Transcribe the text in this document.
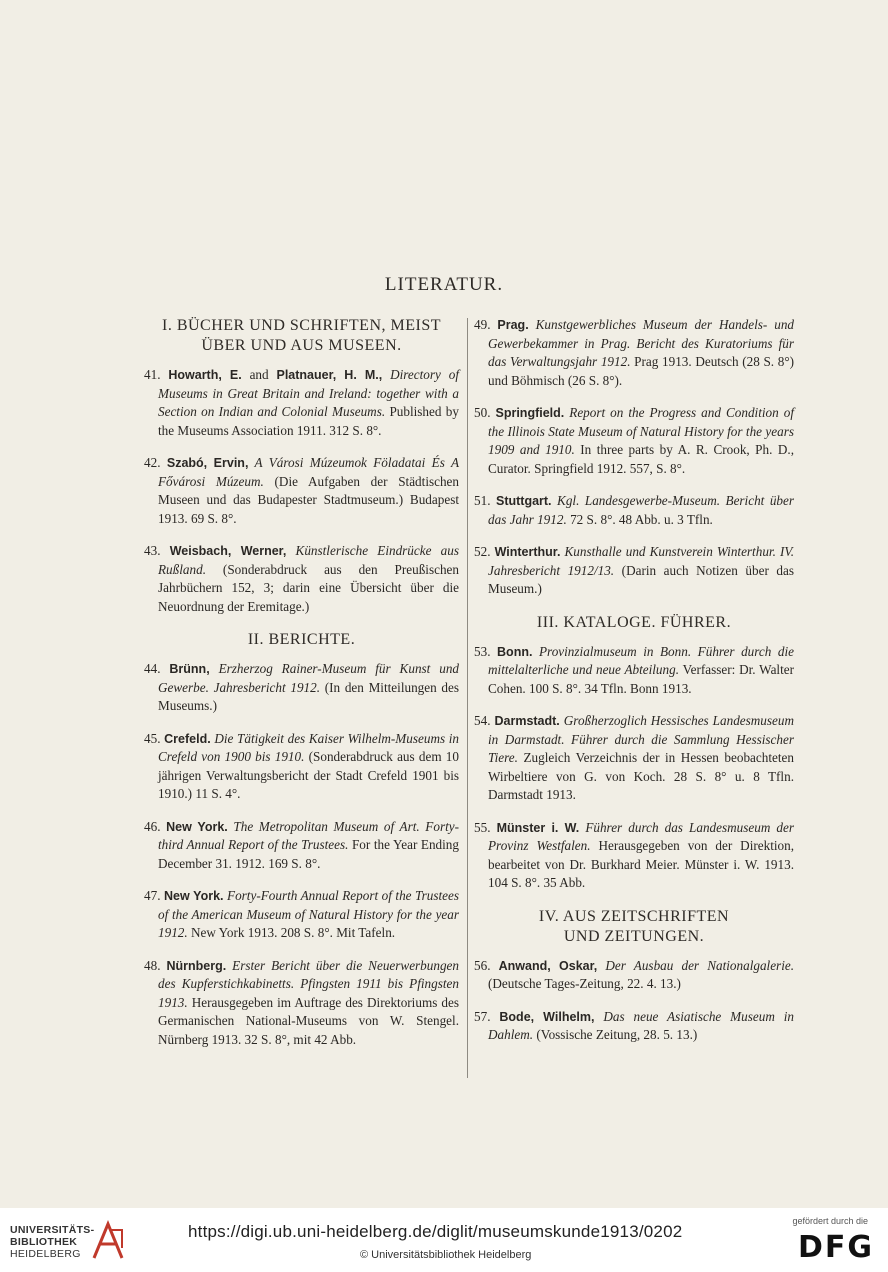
LITERATUR.
I. BÜCHER UND SCHRIFTEN, MEIST
ÜBER UND AUS MUSEEN.
41. Howarth, E. and Platnauer, H. M., Directory of Museums in Great Britain and Ireland: together with a Section on Indian and Colonial Museums. Published by the Museums Association 1911. 312 S. 8°.
42. Szabó, Ervin, A Városi Múzeumok Föladatai És A Fővárosi Múzeum. (Die Aufgaben der Städtischen Museen und das Budapester Stadtmuseum.) Budapest 1913. 69 S. 8°.
43. Weisbach, Werner, Künstlerische Eindrücke aus Rußland. (Sonderabdruck aus den Preußischen Jahrbüchern 152, 3; darin eine Übersicht über die Neuordnung der Eremitage.)
II. BERICHTE.
44. Brünn, Erzherzog Rainer-Museum für Kunst und Gewerbe. Jahresbericht 1912. (In den Mitteilungen des Museums.)
45. Crefeld. Die Tätigkeit des Kaiser Wilhelm-Museums in Crefeld von 1900 bis 1910. (Sonderabdruck aus dem 10 jährigen Verwaltungsbericht der Stadt Crefeld 1901 bis 1910.) 11 S. 4°.
46. New York. The Metropolitan Museum of Art. Forty-third Annual Report of the Trustees. For the Year Ending December 31. 1912. 169 S. 8°.
47. New York. Forty-Fourth Annual Report of the Trustees of the American Museum of Natural History for the year 1912. New York 1913. 208 S. 8°. Mit Tafeln.
48. Nürnberg. Erster Bericht über die Neuerwerbungen des Kupferstichkabinetts. Pfingsten 1911 bis Pfingsten 1913. Herausgegeben im Auftrage des Direktoriums des Germanischen National-Museums von W. Stengel. Nürnberg 1913. 32 S. 8°, mit 42 Abb.
49. Prag. Kunstgewerbliches Museum der Handels- und Gewerbekammer in Prag. Bericht des Kuratoriums für das Verwaltungsjahr 1912. Prag 1913. Deutsch (28 S. 8°) und Böhmisch (26 S. 8°).
50. Springfield. Report on the Progress and Condition of the Illinois State Museum of Natural History for the years 1909 and 1910. In three parts by A. R. Crook, Ph. D., Curator. Springfield 1912. 557, S. 8°.
51. Stuttgart. Kgl. Landesgewerbe-Museum. Bericht über das Jahr 1912. 72 S. 8°. 48 Abb. u. 3 Tfln.
52. Winterthur. Kunsthalle und Kunstverein Winterthur. IV. Jahresbericht 1912/13. (Darin auch Notizen über das Museum.)
III. KATALOGE. FÜHRER.
53. Bonn. Provinzialmuseum in Bonn. Führer durch die mittelalterliche und neue Abteilung. Verfasser: Dr. Walter Cohen. 100 S. 8°. 34 Tfln. Bonn 1913.
54. Darmstadt. Großherzoglich Hessisches Landesmuseum in Darmstadt. Führer durch die Sammlung Hessischer Tiere. Zugleich Verzeichnis der in Hessen beobachteten Wirbeltiere von G. von Koch. 28 S. 8° u. 8 Tfln. Darmstadt 1913.
55. Münster i. W. Führer durch das Landesmuseum der Provinz Westfalen. Herausgegeben von der Direktion, bearbeitet von Dr. Burkhard Meier. Münster i. W. 1913. 104 S. 8°. 35 Abb.
IV. AUS ZEITSCHRIFTEN
UND ZEITUNGEN.
56. Anwand, Oskar, Der Ausbau der Nationalgalerie. (Deutsche Tages-Zeitung, 22. 4. 13.)
57. Bode, Wilhelm, Das neue Asiatische Museum in Dahlem. (Vossische Zeitung, 28. 5. 13.)
UNIVERSITÄTS-
BIBLIOTHEK
HEIDELBERG
https://digi.ub.uni-heidelberg.de/diglit/museumskunde1913/0202
© Universitätsbibliothek Heidelberg
gefördert durch die
DFG
